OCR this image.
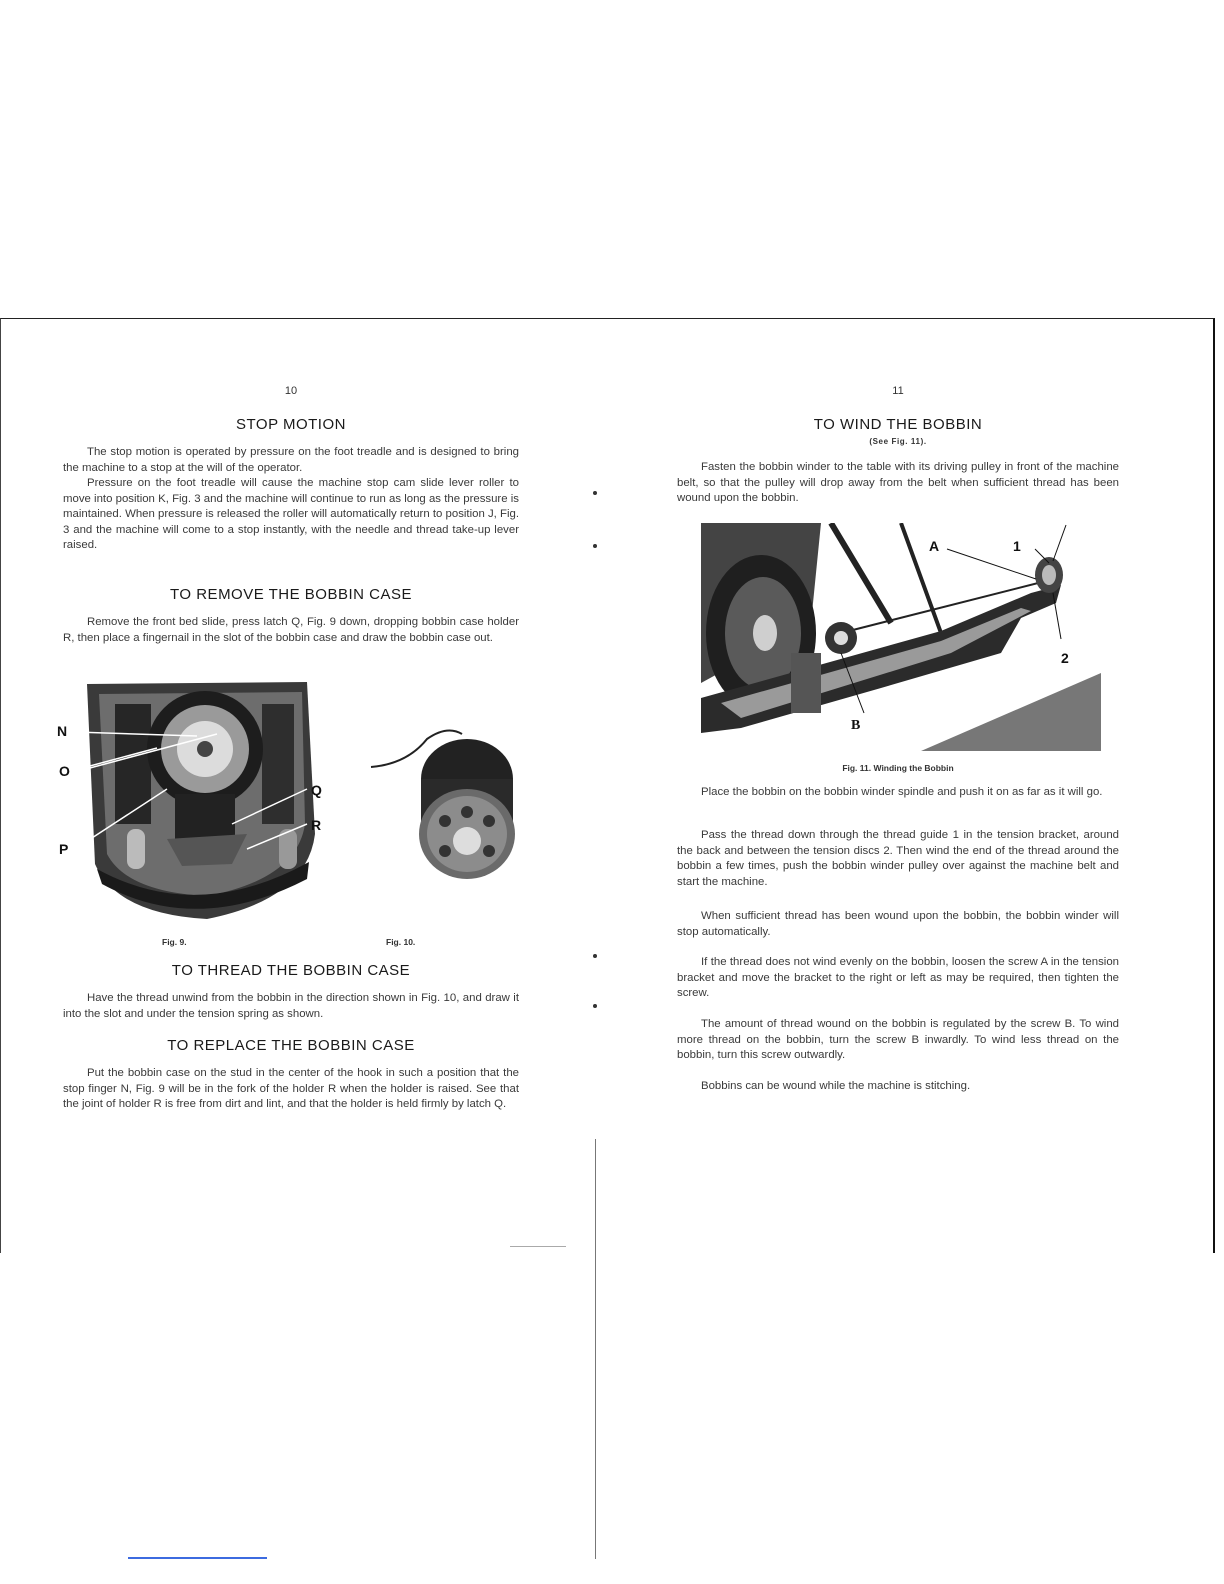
10
STOP MOTION

The stop motion is operated by pressure on the foot treadle and is designed to bring the machine to a stop at the will of the operator.

Pressure on the foot treadle will cause the machine stop cam slide lever roller to move into position K, Fig. 3 and the machine will continue to run as long as the pressure is maintained. When pressure is released the roller will automatically return to position J, Fig. 3 and the machine will come to a stop instantly, with the needle and thread take-up lever raised.

TO REMOVE THE BOBBIN CASE

Remove the front bed slide, press latch Q, Fig. 9 down, dropping bobbin case holder R, then place a fingernail in the slot of the bobbin case and draw the bobbin case out.

N
O
P
Q
R
Fig. 9.	Fig. 10.
TO THREAD THE BOBBIN CASE

Have the thread unwind from the bobbin in the direction shown in Fig. 10, and draw it into the slot and under the tension spring as shown.

TO REPLACE THE BOBBIN CASE

Put the bobbin case on the stud in the center of the hook in such a position that the stop finger N, Fig. 9 will be in the fork of the holder R when the holder is raised. See that the joint of holder R is free from dirt and lint, and that the holder is held firmly by latch Q.

11
TO WIND THE BOBBIN
(See Fig. 11).

Fasten the bobbin winder to the table with its driving pulley in front of the machine belt, so that the pulley will drop away from the belt when sufficient thread has been wound upon the bobbin.

A	1
2
B
Fig. 11. Winding the Bobbin

Place the bobbin on the bobbin winder spindle and push it on as far as it will go.

Pass the thread down through the thread guide 1 in the tension bracket, around the back and between the tension discs 2. Then wind the end of the thread around the bobbin a few times, push the bobbin winder pulley over against the machine belt and start the machine.

When sufficient thread has been wound upon the bobbin, the bobbin winder will stop automatically.

If the thread does not wind evenly on the bobbin, loosen the screw A in the tension bracket and move the bracket to the right or left as may be required, then tighten the screw.

The amount of thread wound on the bobbin is regulated by the screw B. To wind more thread on the bobbin, turn the screw B inwardly. To wind less thread on the bobbin, turn this screw outwardly.

Bobbins can be wound while the machine is stitching.
